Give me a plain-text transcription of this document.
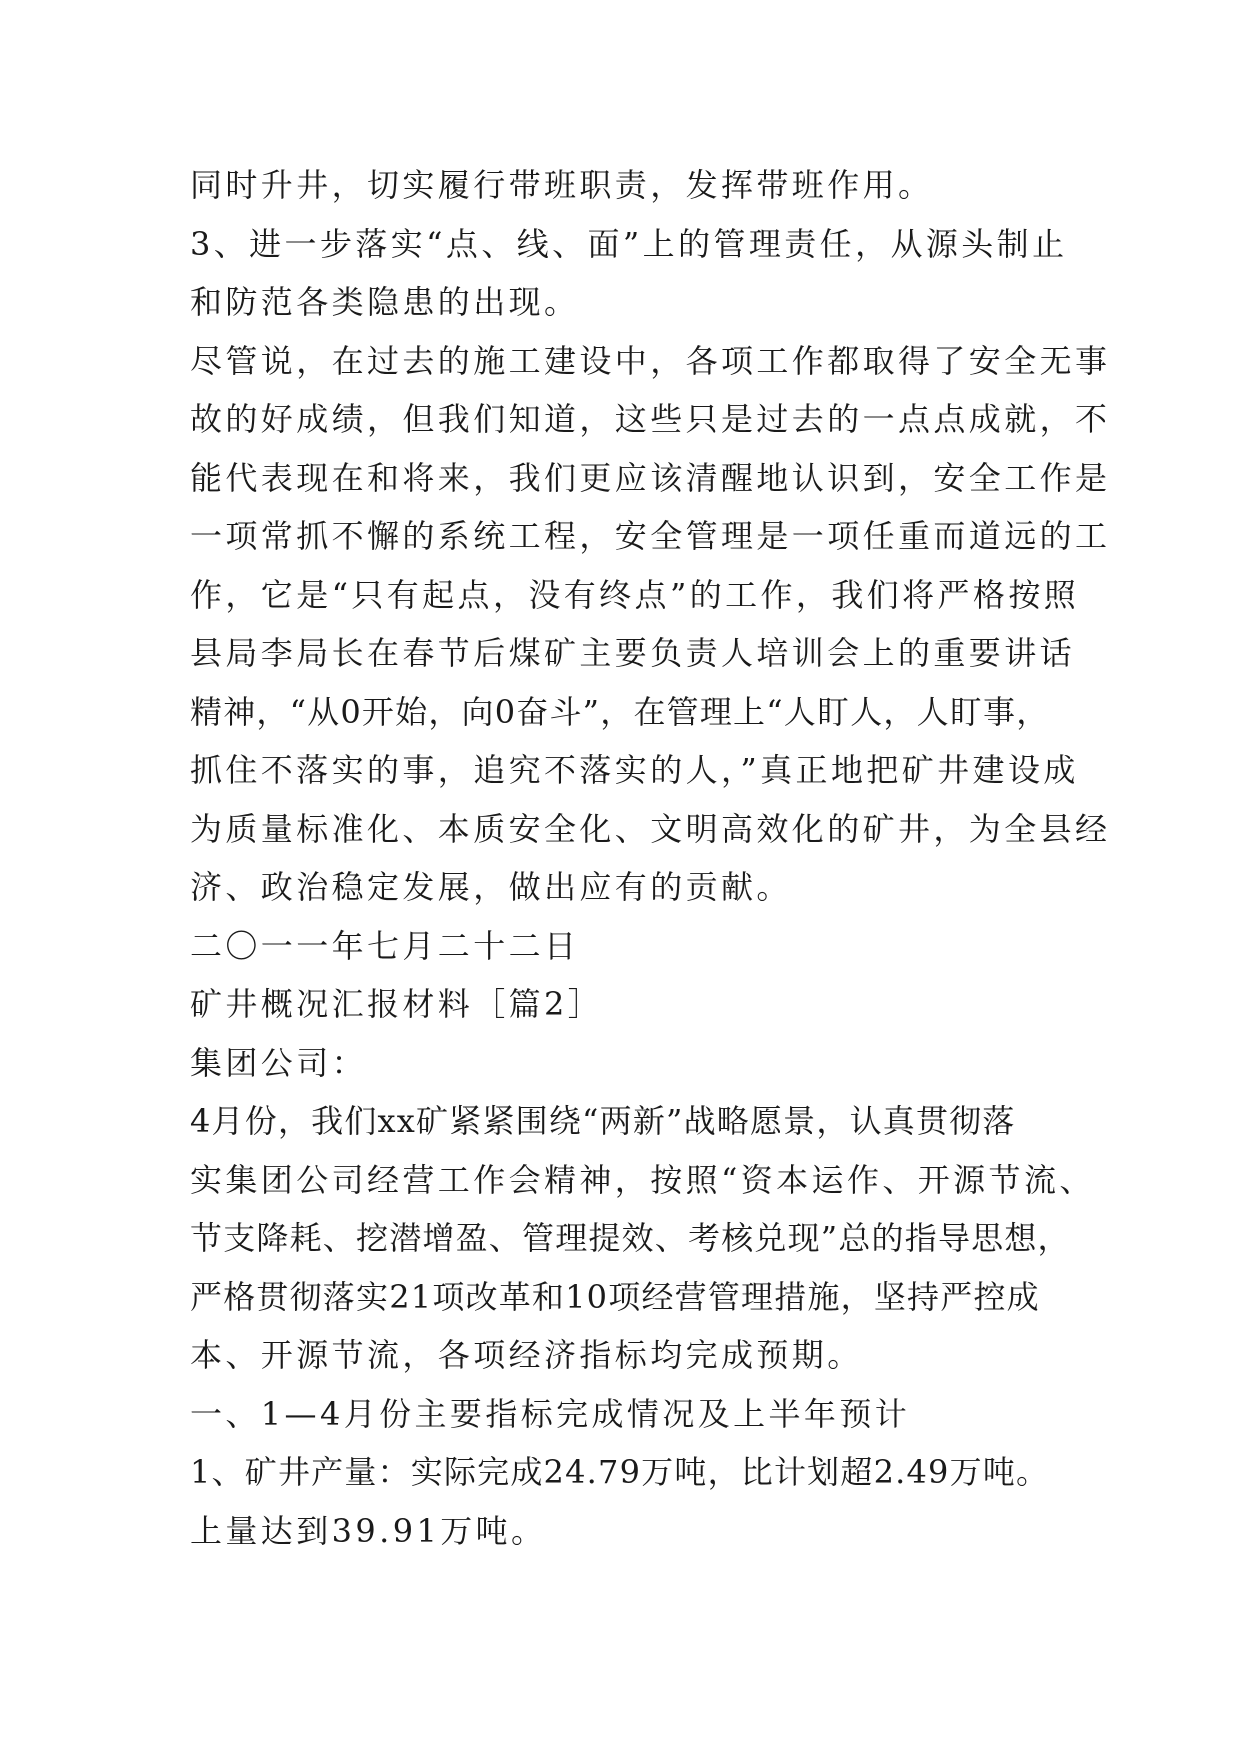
同时升井，切实履行带班职责，发挥带班作用。
3、进一步落实“点、线、面”上的管理责任，从源头制止
和防范各类隐患的出现。
尽管说，在过去的施工建设中，各项工作都取得了安全无事
故的好成绩，但我们知道，这些只是过去的一点点成就，不
能代表现在和将来，我们更应该清醒地认识到，安全工作是
一项常抓不懈的系统工程，安全管理是一项任重而道远的工
作，它是“只有起点，没有终点”的工作，我们将严格按照
县局李局长在春节后煤矿主要负责人培训会上的重要讲话
精神，“从0开始，向0奋斗”，在管理上“人盯人，人盯事，
抓住不落实的事，追究不落实的人，”真正地把矿井建设成
为质量标准化、本质安全化、文明高效化的矿井，为全县经
济、政治稳定发展，做出应有的贡献。
二〇一一年七月二十二日
矿井概况汇报材料［篇2］
集团公司：
4月份，我们xx矿紧紧围绕“两新”战略愿景，认真贯彻落
实集团公司经营工作会精神，按照“资本运作、开源节流、
节支降耗、挖潜增盈、管理提效、考核兑现”总的指导思想，
严格贯彻落实21项改革和10项经营管理措施，坚持严控成
本、开源节流，各项经济指标均完成预期。
一、1—4月份主要指标完成情况及上半年预计
1、矿井产量：实际完成24.79万吨，比计划超2.49万吨。
上量达到39.91万吨。
